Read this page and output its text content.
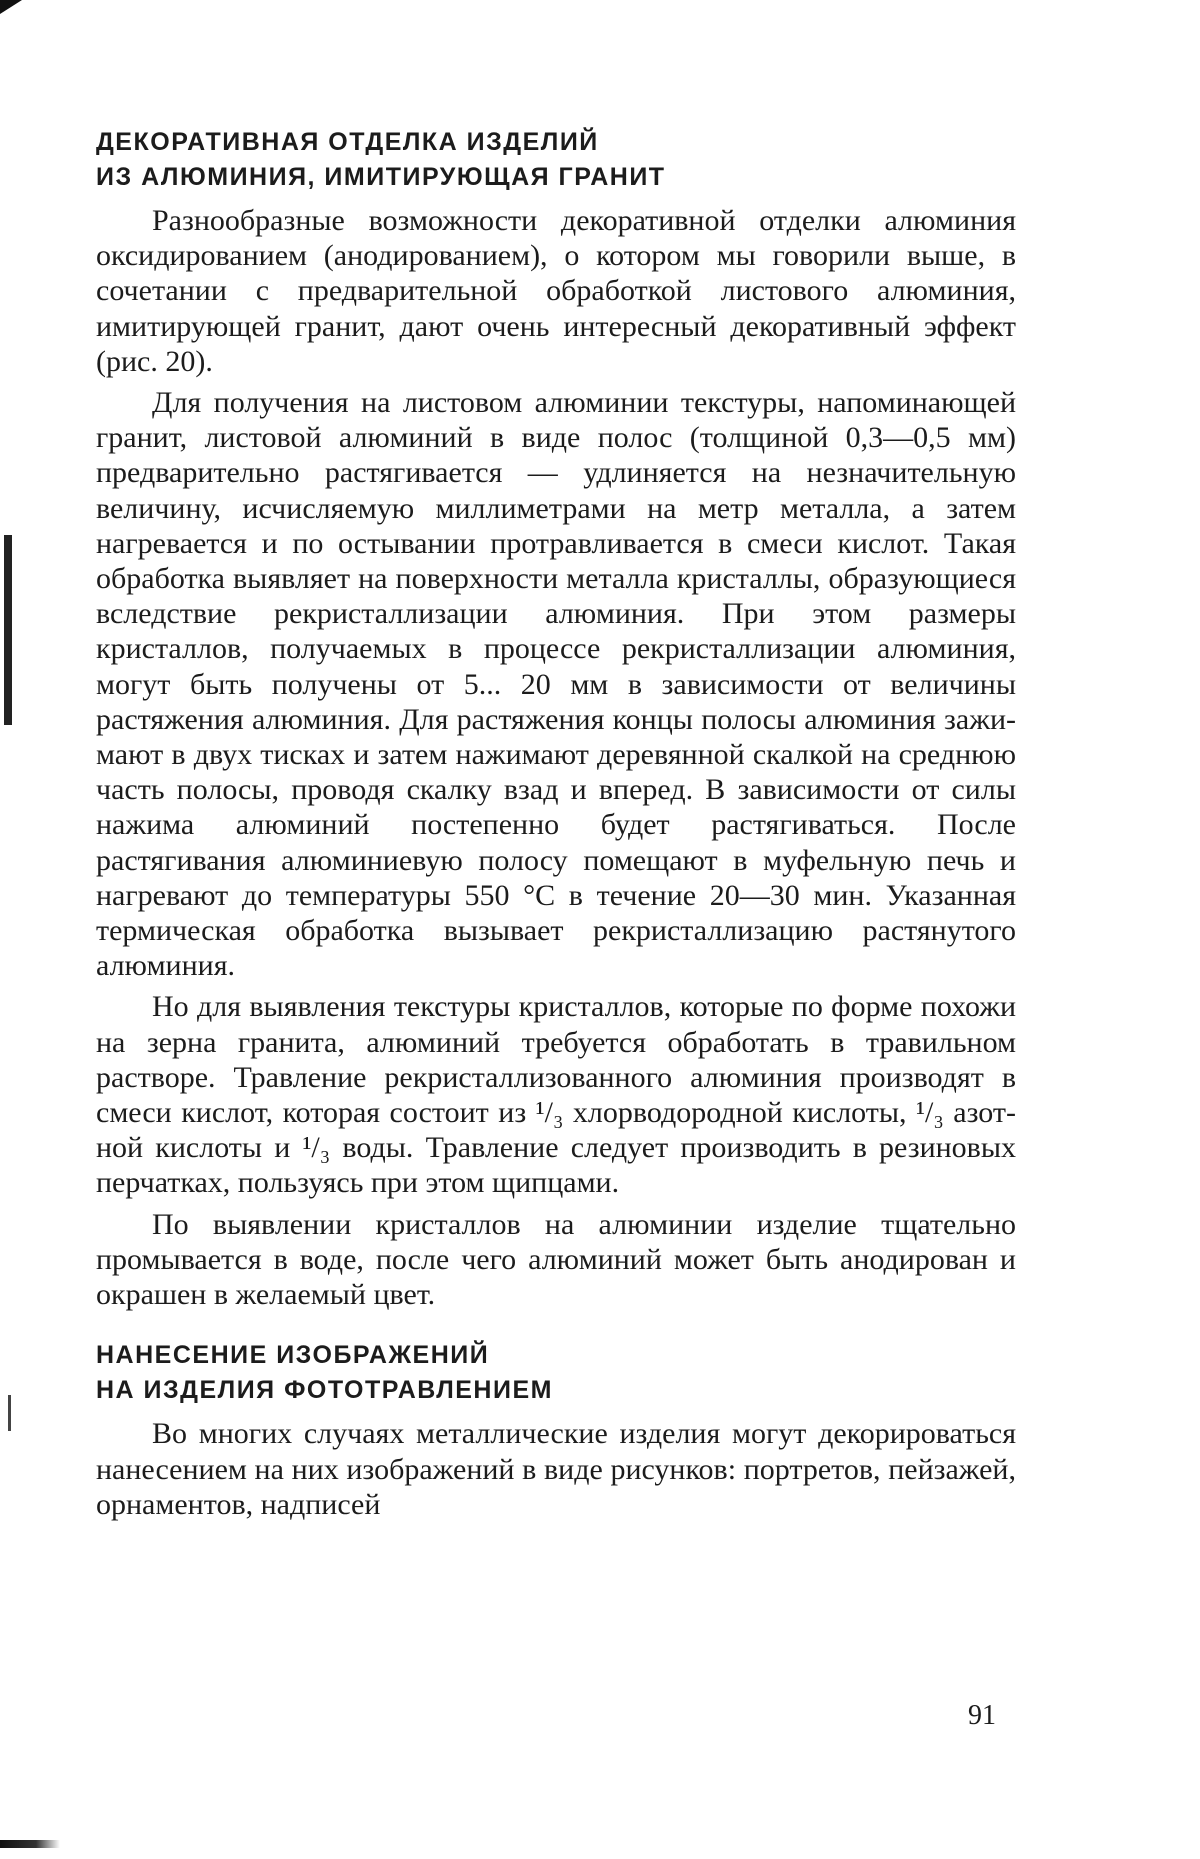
ДЕКОРАТИВНАЯ ОТДЕЛКА ИЗДЕЛИЙ
ИЗ АЛЮМИНИЯ, ИМИТИРУЮЩАЯ ГРАНИТ

Разнообразные возможности декоративной отделки алюминия оксидированием (анодированием), о котором мы говорили выше, в сочетании с предварительной обработкой листового алюминия, имитирующей гранит, дают очень интересный декоративный эффект (рис. 20).

Для получения на листовом алюминии текстуры, напоминающей гранит, листовой алюминий в виде полос (толщиной 0,3—0,5 мм) предварительно растягивается — удлиняется на незначительную величину, исчисляемую миллиметрами на метр металла, а затем нагревается и по остывании протравливается в смеси кислот. Такая обработка выявляет на поверхности металла кристаллы, образующиеся вследствие рекристаллизации алюминия. При этом размеры кристаллов, получаемых в процессе рекристаллизации алюминия, могут быть получены от 5... 20 мм в зависимости от величины растяжения алюминия. Для растяжения концы полосы алюминия зажимают в двух тисках и затем нажимают деревянной скалкой на среднюю часть полосы, проводя скалку взад и вперед. В зависимости от силы нажима алюминий постепенно будет растягиваться. После растягивания алюминиевую полосу помещают в муфельную печь и нагревают до температуры 550 °С в течение 20—30 мин. Указанная термическая обработка вызывает рекристаллизацию растянутого алюминия.

Но для выявления текстуры кристаллов, которые по форме похожи на зерна гранита, алюминий требуется обработать в травильном растворе. Травление рекристаллизованного алюминия производят в смеси кислот, которая состоит из ¹/₃ хлорводородной кислоты, ¹/₃ азотной кислоты и ¹/₃ воды. Травление следует производить в резиновых перчатках, пользуясь при этом щипцами.

По выявлении кристаллов на алюминии изделие тщательно промывается в воде, после чего алюминий может быть анодирован и окрашен в желаемый цвет.

НАНЕСЕНИЕ ИЗОБРАЖЕНИЙ
НА ИЗДЕЛИЯ ФОТОТРАВЛЕНИЕМ

Во многих случаях металлические изделия могут декорироваться нанесением на них изображений в виде рисунков: портретов, пейзажей, орнаментов, надписей

91
